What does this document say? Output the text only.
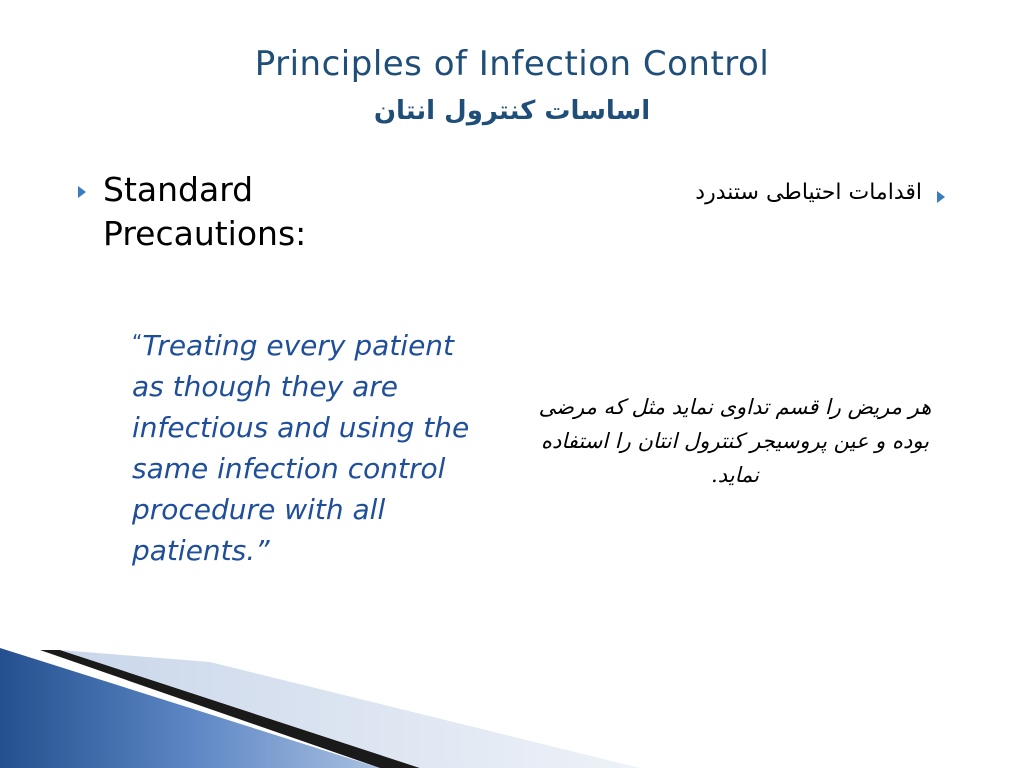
Principles of Infection Control
اساسات کنترول انتان
Standard Precautions:
“Treating every patient as though they are infectious and using the same infection control procedure with all patients.”
اقدامات احتیاطی ستندرد
هر مریض را قسم تداوی نماید مثل که مرضی بوده و عین پروسیجر کنترول انتان را استفاده نماید.
